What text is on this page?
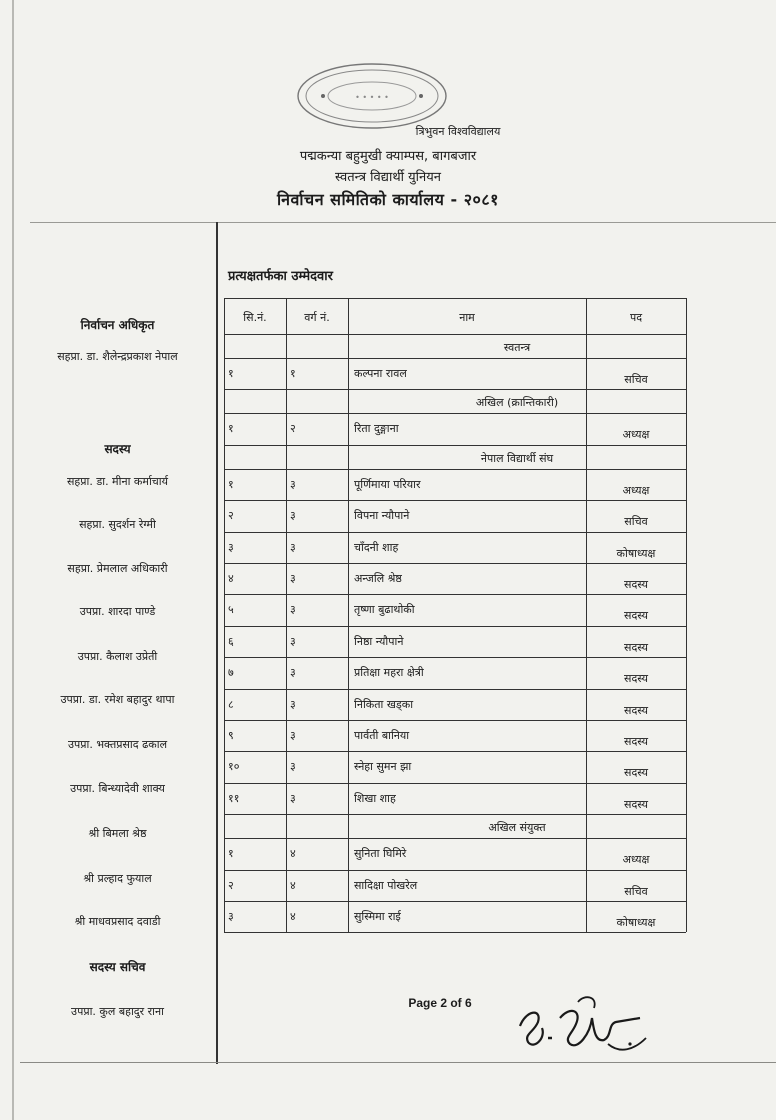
• • • • •
त्रिभुवन विश्वविद्यालय
पद्मकन्या बहुमुखी क्याम्पस, बागबजार
स्वतन्त्र विद्यार्थी युनियन
निर्वाचन समितिको कार्यालय - २०८१
निर्वाचन अधिकृत
सहप्रा. डा. शैलेन्द्रप्रकाश नेपाल
सदस्य
सहप्रा. डा. मीना कर्माचार्य
सहप्रा. सुदर्शन रेग्मी
सहप्रा. प्रेमलाल अधिकारी
उपप्रा. शारदा पाण्डे
उपप्रा. कैलाश उप्रेती
उपप्रा. डा. रमेश बहादुर थापा
उपप्रा. भक्तप्रसाद ढकाल
उपप्रा. बिन्ध्यादेवी शाक्य
श्री बिमला श्रेष्ठ
श्री प्रल्हाद फुयाल
श्री माधवप्रसाद दवाडी
सदस्य सचिव
उपप्रा. कुल बहादुर राना
प्रत्यक्षतर्फका उम्मेदवार
Page 2 of 6
सि.नं.	वर्ग नं.	नाम	पद
स्वतन्त्र
१	१	कल्पना रावल	सचिव
अखिल (क्रान्तिकारी)
१	२	रिता दुङ्गाना	अध्यक्ष
नेपाल विद्यार्थी संघ
१	३	पूर्णिमाया परियार	अध्यक्ष
२	३	विपना न्यौपाने	सचिव
३	३	चाँदनी शाह	कोषाध्यक्ष
४	३	अन्जलि श्रेष्ठ	सदस्य
५	३	तृष्णा बुढाथोकी	सदस्य
६	३	निष्ठा न्यौपाने	सदस्य
७	३	प्रतिक्षा महरा क्षेत्री	सदस्य
८	३	निकिता खड्का	सदस्य
९	३	पार्वती बानिया	सदस्य
१०	३	स्नेहा सुमन झा	सदस्य
११	३	शिखा शाह	सदस्य
अखिल संयुक्त
१	४	सुनिता घिमिरे	अध्यक्ष
२	४	सादिक्षा पोखरेल	सचिव
३	४	सुस्मिमा राई	कोषाध्यक्ष
